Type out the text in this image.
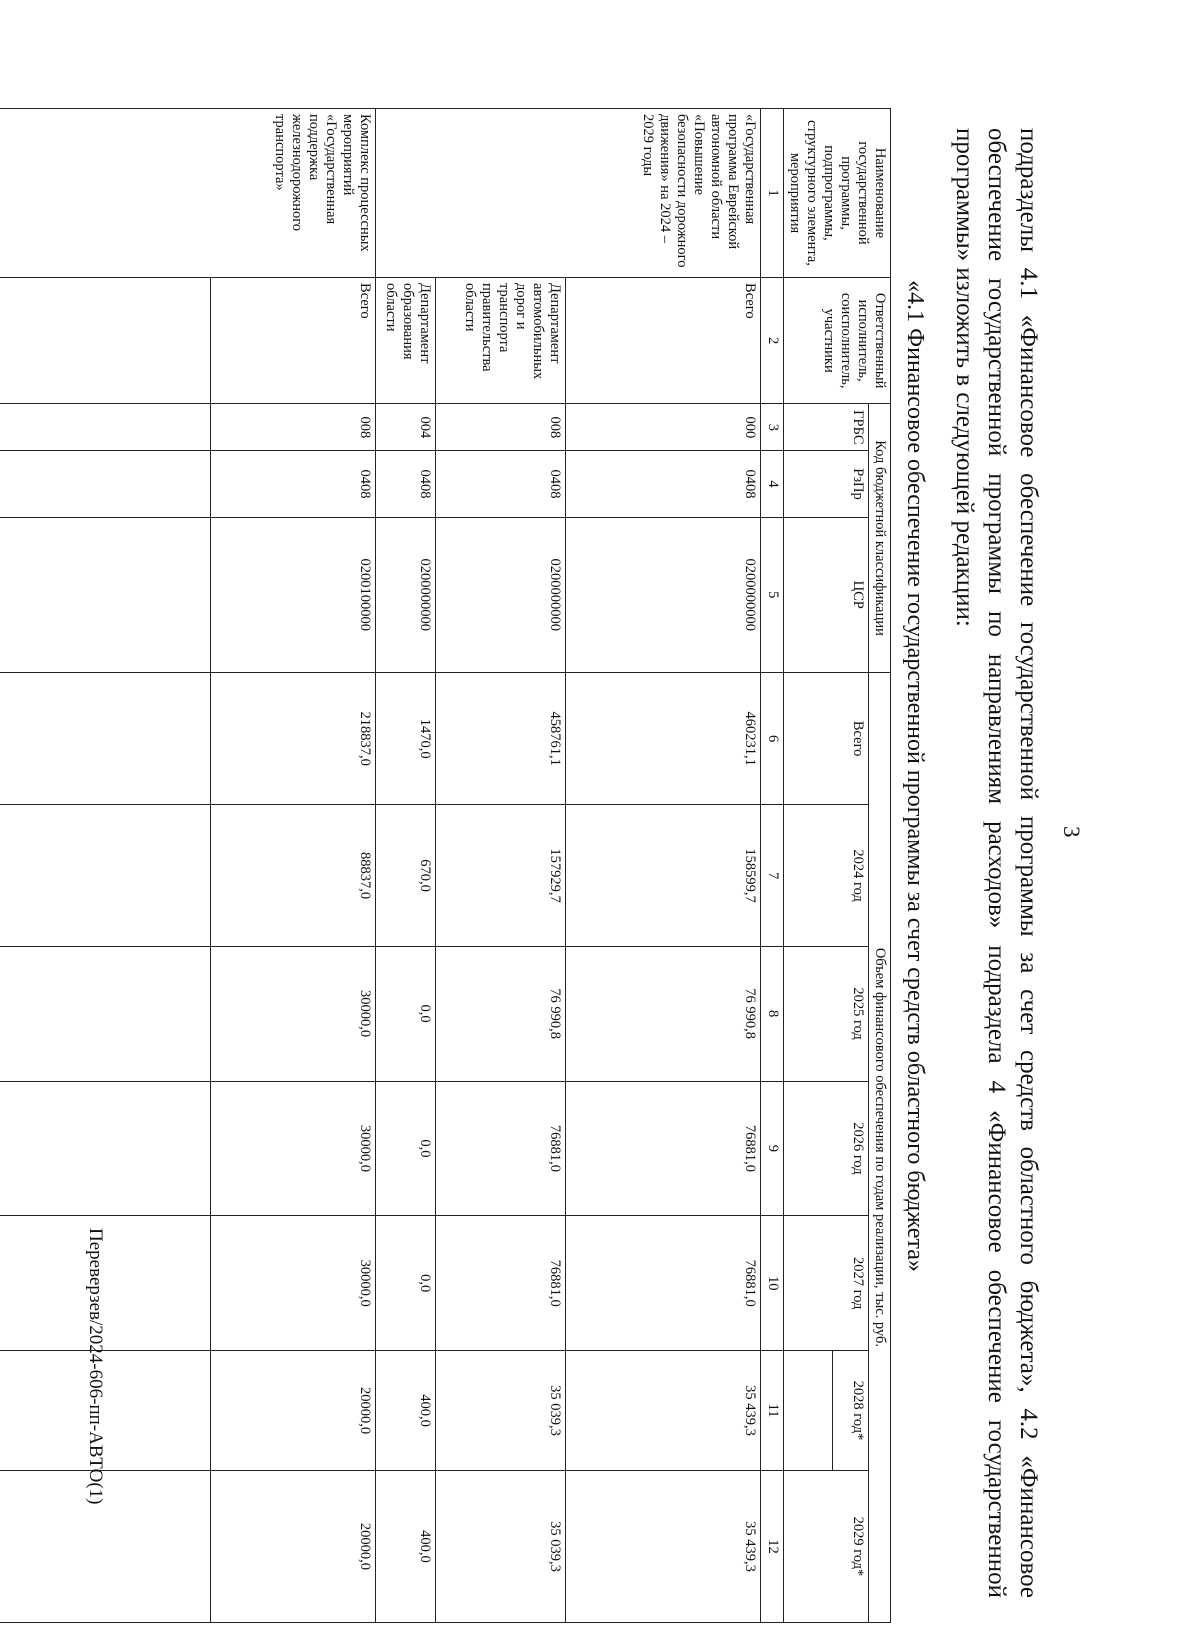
3
подразделы 4.1 «Финансовое обеспечение государственной программы за счет средств областного бюджета», 4.2 «Финансовое обеспечение государственной программы по направлениям расходов» подраздела 4 «Финансовое обеспечение государственной программы» изложить в следующей редакции:
«4.1 Финансовое обеспечение государственной программы за счет средств областного бюджета»
Наименование государственной программы, подпрограммы, структурного элемента, мероприятия	Ответственный исполнитель, соисполнитель, участники	Код бюджетной классификации			Объем финансового обеспечения по годам реализации, тыс. руб.						
		ГРБС	РзПр	ЦСР	Всего	2024 год	2025 год	2026 год	2027 год	2028 год*	2029 год*

1	2	3	4	5	6	7	8	9	10	11	12
«Государственная программа Еврейской автономной области «Повышение безопасности дорожного движения» на 2024 – 2029 годы	Всего	000	0408	0200000000	460231,1	158599,7	76 990,8	76881,0	76881,0	35 439,3	35 439,3
	Департамент автомобильных дорог и транспорта правительства области	008	0408	0200000000	458761,1	157929,7	76 990,8	76881,0	76881,0	35 039,3	35 039,3
	Департамент образования области	004	0408	0200000000	1470,0	670,0	0,0	0,0	0,0	400,0	400,0
Комплекс процессных мероприятий «Государственная поддержка железнодорожного транспорта»	Всего	008	0408	0200100000	218837,0	88837,0	30000,0	30000,0	30000,0	20000,0	20000,0

Переверзев/2024-606-пп-АВТО(1)
